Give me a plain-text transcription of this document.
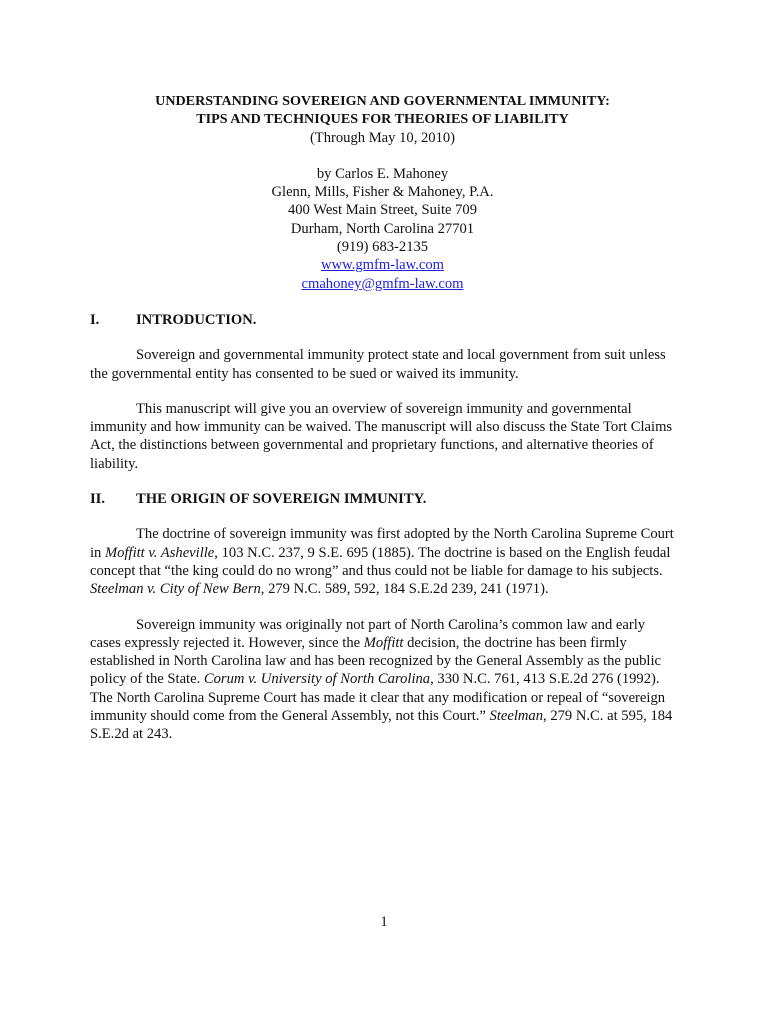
UNDERSTANDING SOVEREIGN AND GOVERNMENTAL IMMUNITY:
TIPS AND TECHNIQUES FOR THEORIES OF LIABILITY
(Through May 10, 2010)
by Carlos E. Mahoney
Glenn, Mills, Fisher & Mahoney, P.A.
400 West Main Street, Suite 709
Durham, North Carolina 27701
(919) 683-2135
www.gmfm-law.com
cmahoney@gmfm-law.com
I.	INTRODUCTION.
Sovereign and governmental immunity protect state and local government from suit unless the governmental entity has consented to be sued or waived its immunity.
This manuscript will give you an overview of sovereign immunity and governmental immunity and how immunity can be waived. The manuscript will also discuss the State Tort Claims Act, the distinctions between governmental and proprietary functions, and alternative theories of liability.
II. THE ORIGIN OF SOVEREIGN IMMUNITY.
The doctrine of sovereign immunity was first adopted by the North Carolina Supreme Court in Moffitt v. Asheville, 103 N.C. 237, 9 S.E. 695 (1885). The doctrine is based on the English feudal concept that “the king could do no wrong” and thus could not be liable for damage to his subjects. Steelman v. City of New Bern, 279 N.C. 589, 592, 184 S.E.2d 239, 241 (1971).
Sovereign immunity was originally not part of North Carolina’s common law and early cases expressly rejected it. However, since the Moffitt decision, the doctrine has been firmly established in North Carolina law and has been recognized by the General Assembly as the public policy of the State. Corum v. University of North Carolina, 330 N.C. 761, 413 S.E.2d 276 (1992). The North Carolina Supreme Court has made it clear that any modification or repeal of “sovereign immunity should come from the General Assembly, not this Court.” Steelman, 279 N.C. at 595, 184 S.E.2d at 243.
1
